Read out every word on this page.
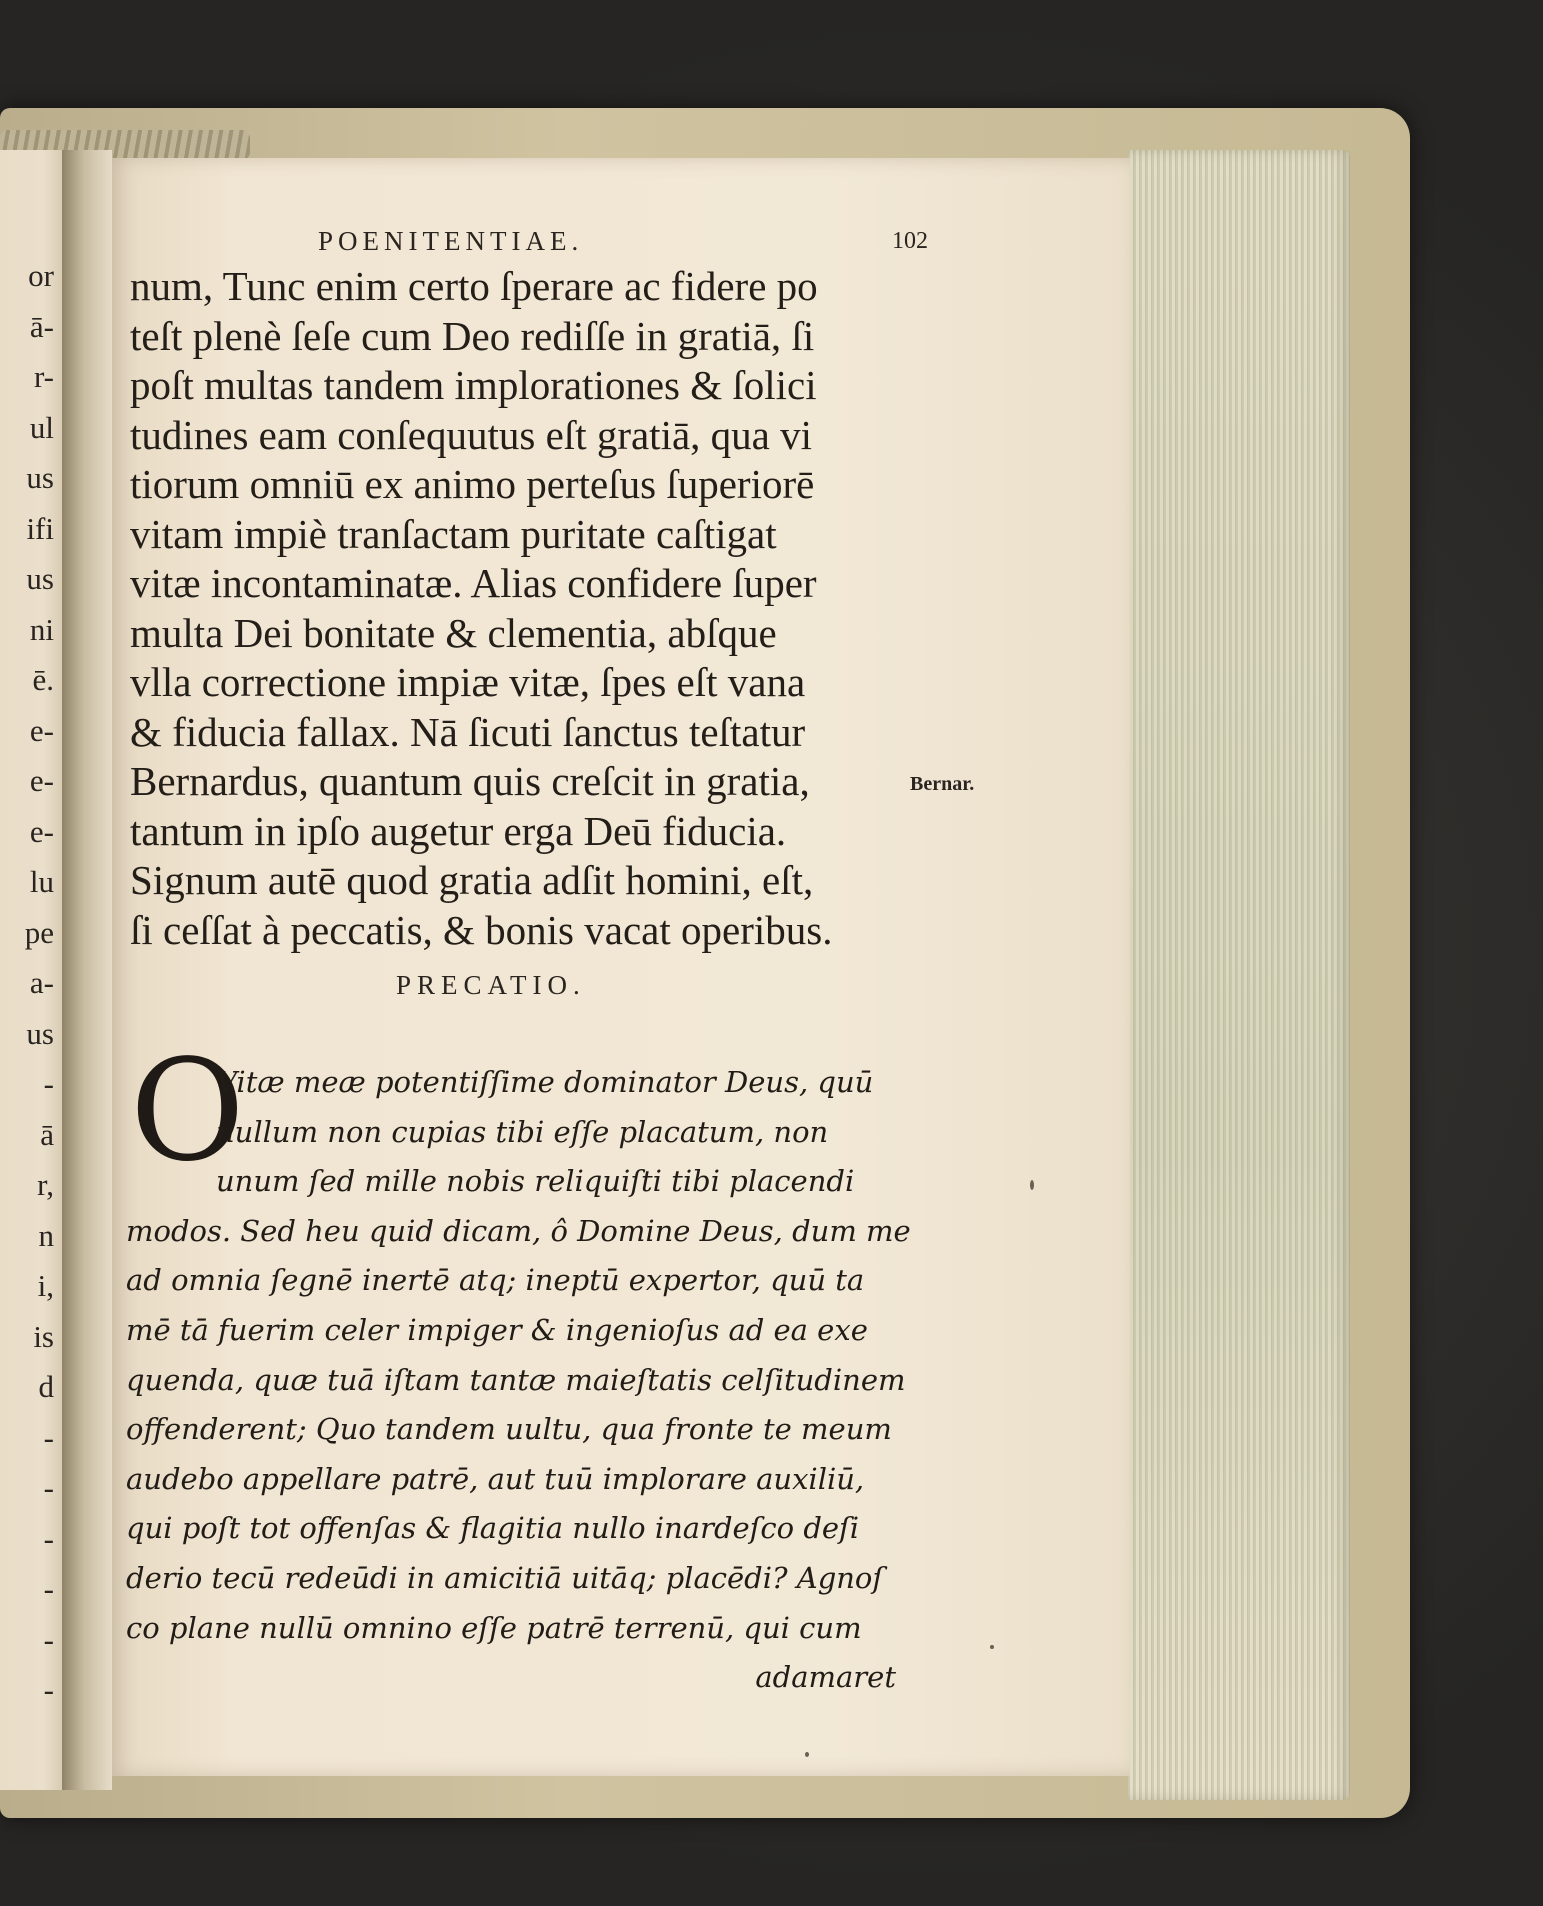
or
ā-
r-
ul
us
ifi
us
ni
ē.
e-
e-
e-
lu
pe
a-
us
-
ā
r,
n
i,
is
d
-
-
-
-
-
-
POENITENTIAE.	102
num, Tunc enim certo ſperare ac fidere po
teſt plenè ſeſe cum Deo rediſſe in gratiā, ſi
poſt multas tandem implorationes & ſolici
tudines eam conſequutus eſt gratiā, qua vi
tiorum omniū ex animo perteſus ſuperiorē
vitam impiè tranſactam puritate caſtigat
vitæ incontaminatæ. Alias confidere ſuper
multa Dei bonitate & clementia, abſque
vlla correctione impiæ vitæ, ſpes eſt vana
& fiducia fallax. Nā ſicuti ſanctus teſtatur
Bernardus, quantum quis creſcit in gratia,
tantum in ipſo augetur erga Deū fiducia.
Signum autē quod gratia adſit homini, eſt,
ſi ceſſat à peccatis, & bonis vacat operibus.
Bernar.
PRECATIO.
O
Vitæ meæ potentiſſime dominator Deus, quū
nullum non cupias tibi eſſe placatum, non
unum ſed mille nobis reliquiſti tibi placendi
modos. Sed heu quid dicam, ô Domine Deus, dum me
ad omnia ſegnē inertē atq; ineptū expertor, quū ta
mē tā fuerim celer impiger & ingenioſus ad ea exe
quenda, quæ tuā iſtam tantæ maieſtatis celſitudinem
offenderent; Quo tandem uultu, qua fronte te meum
audebo appellare patrē, aut tuū implorare auxiliū,
qui poſt tot offenſas & flagitia nullo inardeſco deſi
derio tecū redeūdi in amicitiā uitāq; placēdi? Agnoſ
co plane nullū omnino eſſe patrē terrenū, qui cum
adamaret
